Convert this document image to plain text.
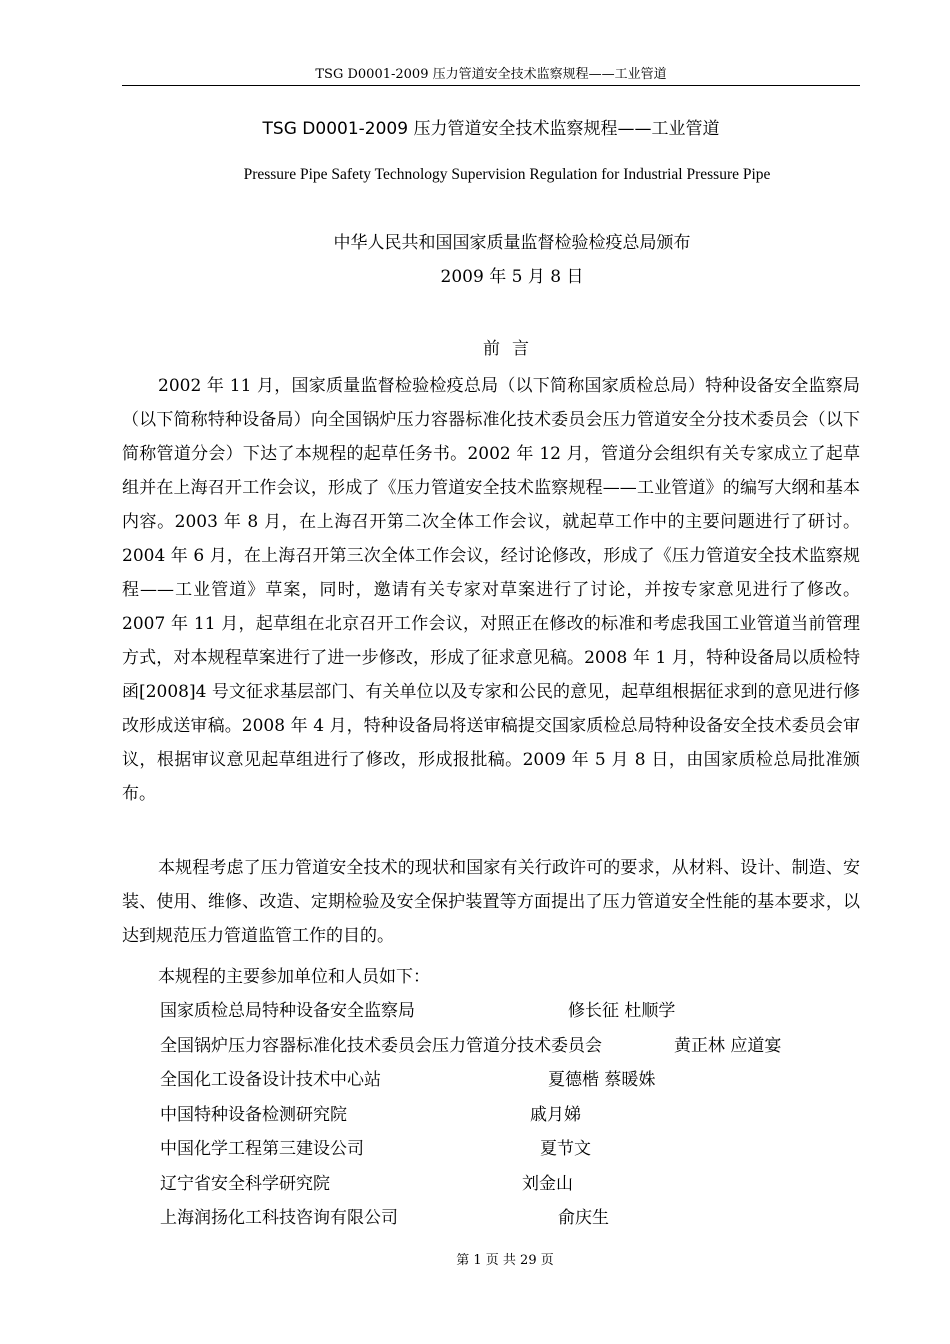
TSG D0001-2009 压力管道安全技术监察规程——工业管道
TSG D0001-2009 压力管道安全技术监察规程——工业管道
Pressure Pipe Safety Technology Supervision Regulation for Industrial Pressure Pipe
中华人民共和国国家质量监督检验检疫总局颁布
2009 年 5 月 8 日
前言

2002 年 11 月，国家质量监督检验检疫总局（以下简称国家质检总局）特种设备安全监察局（以下简称特种设备局）向全国锅炉压力容器标准化技术委员会压力管道安全分技术委员会（以下简称管道分会）下达了本规程的起草任务书。2002 年 12 月，管道分会组织有关专家成立了起草组并在上海召开工作会议，形成了《压力管道安全技术监察规程——工业管道》的编写大纲和基本内容。2003 年 8 月，在上海召开第二次全体工作会议，就起草工作中的主要问题进行了研讨。2004 年 6 月，在上海召开第三次全体工作会议，经讨论修改，形成了《压力管道安全技术监察规程——工业管道》草案，同时，邀请有关专家对草案进行了讨论，并按专家意见进行了修改。2007 年 11 月，起草组在北京召开工作会议，对照正在修改的标准和考虑我国工业管道当前管理方式，对本规程草案进行了进一步修改，形成了征求意见稿。2008 年 1 月，特种设备局以质检特函[2008]4 号文征求基层部门、有关单位以及专家和公民的意见，起草组根据征求到的意见进行修改形成送审稿。2008 年 4 月，特种设备局将送审稿提交国家质检总局特种设备安全技术委员会审议，根据审议意见起草组进行了修改，形成报批稿。2009 年 5 月 8 日，由国家质检总局批准颁布。

本规程考虑了压力管道安全技术的现状和国家有关行政许可的要求，从材料、设计、制造、安装、使用、维修、改造、定期检验及安全保护装置等方面提出了压力管道安全性能的基本要求，以达到规范压力管道监管工作的目的。

本规程的主要参加单位和人员如下：

国家质检总局特种设备安全监察局	修长征 杜顺学
全国锅炉压力容器标准化技术委员会压力管道分技术委员会	黄正林 应道宴
全国化工设备设计技术中心站	夏德楷 蔡暖姝
中国特种设备检测研究院	戚月娣
中国化学工程第三建设公司	夏节文
辽宁省安全科学研究院	刘金山
上海润扬化工科技咨询有限公司	俞庆生
第 1 页 共 29 页
